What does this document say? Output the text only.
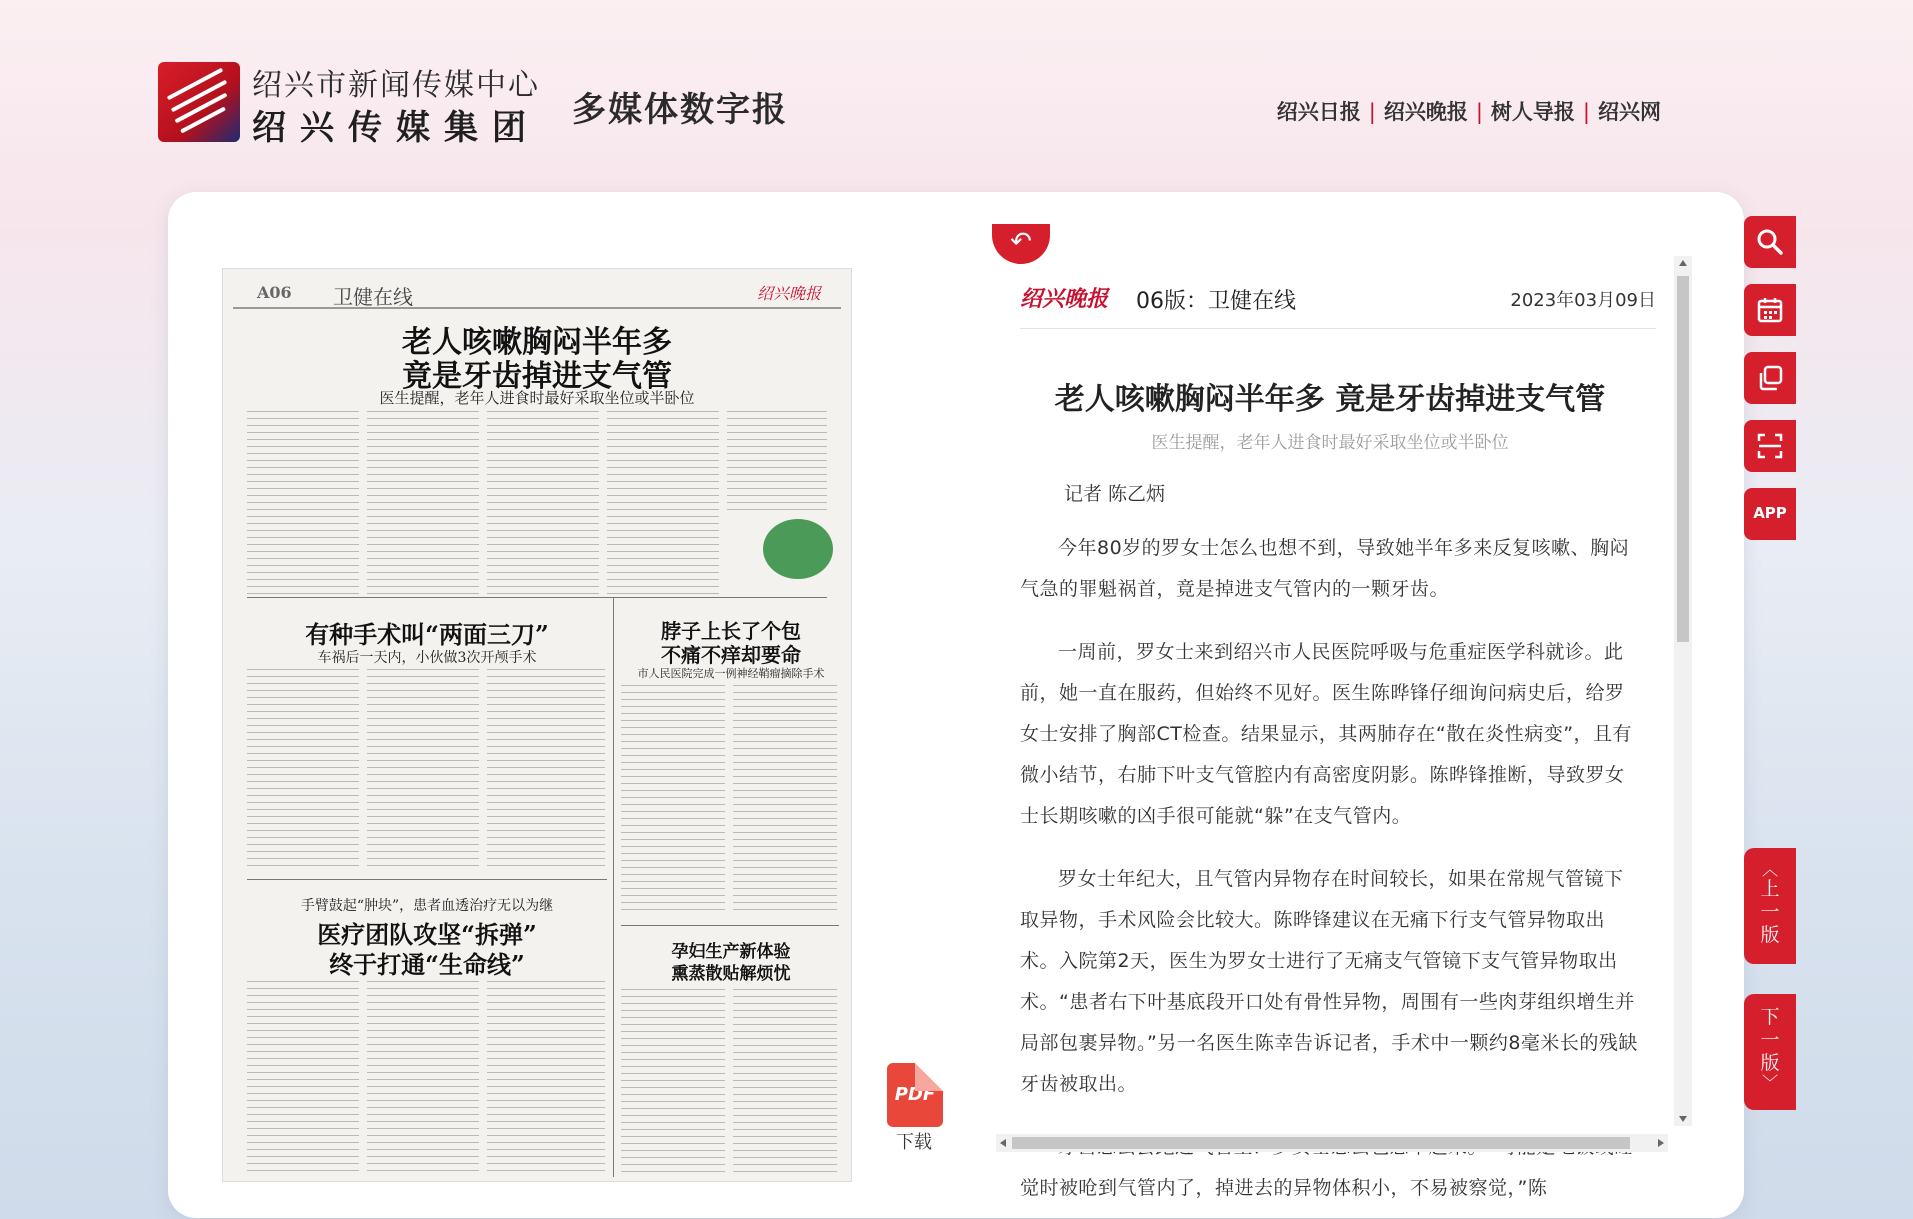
绍兴市新闻传媒中心
绍兴传媒集团 多媒体数字报	绍兴日报 | 绍兴晚报 | 树人导报 | 绍兴网
A06 卫健在线	绍兴晚报
老人咳嗽胸闷半年多
竟是牙齿掉进支气管
医生提醒，老年人进食时最好采取坐位或半卧位
有种手术叫“两面三刀”
车祸后一天内，小伙做3次开颅手术
脖子上长了个包
不痛不痒却要命
市人民医院完成一例神经鞘瘤摘除手术
手臂鼓起“肿块”，患者血透治疗无以为继
医疗团队攻坚“拆弹”
终于打通“生命线”	孕妇生产新体验
熏蒸散贴解烦忧
PDF
下载
↶
绍兴晚报 06版：卫健在线	2023年03月09日
老人咳嗽胸闷半年多 竟是牙齿掉进支气管
医生提醒，老年人进食时最好采取坐位或半卧位
记者 陈乙炳

今年80岁的罗女士怎么也想不到，导致她半年多来反复咳嗽、胸闷气急的罪魁祸首，竟是掉进支气管内的一颗牙齿。

一周前，罗女士来到绍兴市人民医院呼吸与危重症医学科就诊。此前，她一直在服药，但始终不见好。医生陈晔锋仔细询问病史后，给罗女士安排了胸部CT检查。结果显示，其两肺存在“散在炎性病变”，且有微小结节，右肺下叶支气管腔内有高密度阴影。陈晔锋推断，导致罗女士长期咳嗽的凶手很可能就“躲”在支气管内。

罗女士年纪大，且气管内异物存在时间较长，如果在常规气管镜下取异物，手术风险会比较大。陈晔锋建议在无痛下行支气管异物取出术。入院第2天，医生为罗女士进行了无痛支气管镜下支气管异物取出术。“患者右下叶基底段开口处有骨性异物，周围有一些肉芽组织增生并局部包裹异物。”另一名医生陈幸告诉记者，手术中一颗约8毫米长的残缺牙齿被取出。

觉时被呛到气管内了，掉进去的异物体积小，不易被察觉，”陈

APP
︿
上
一
版
下
一
版
﹀
